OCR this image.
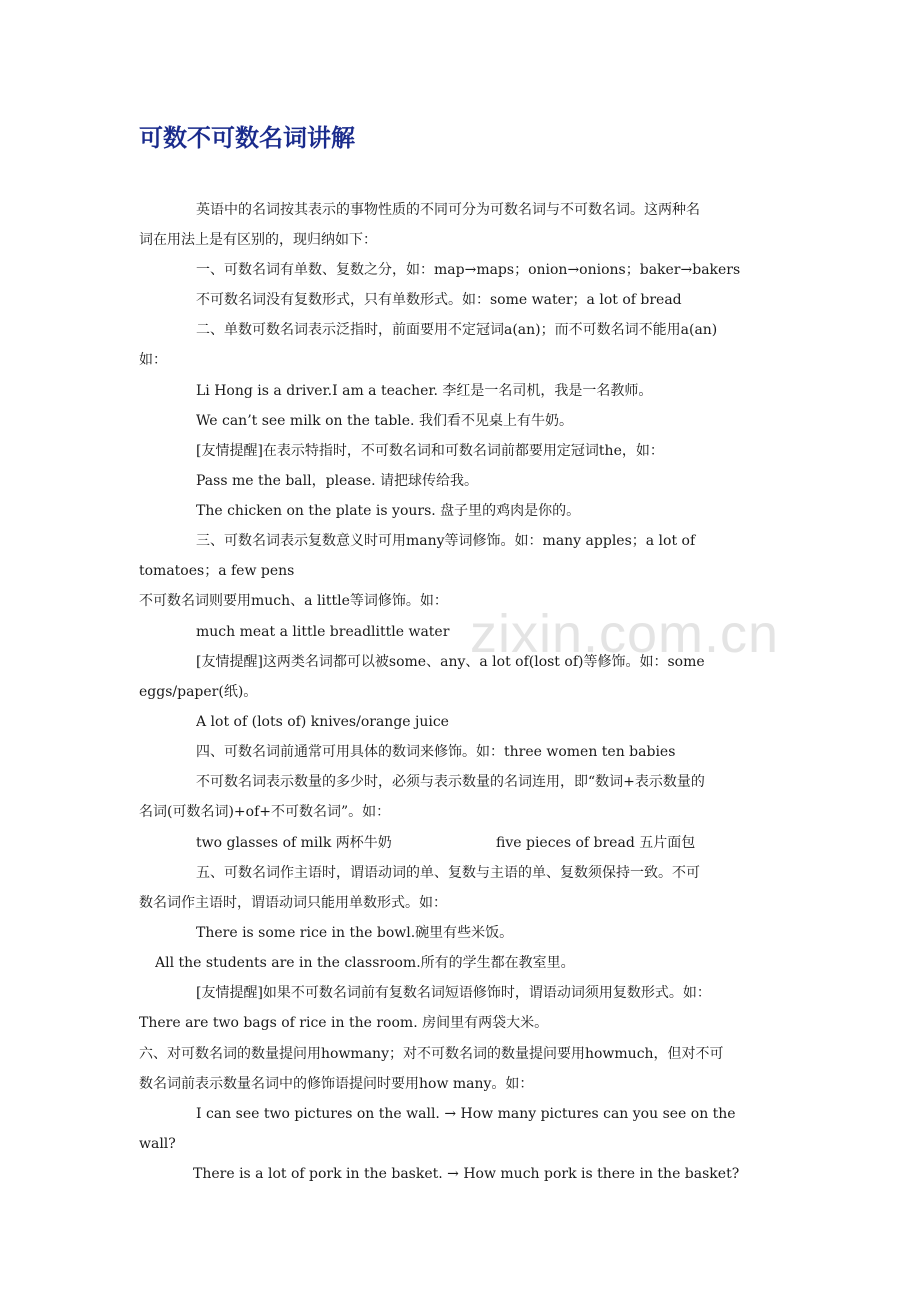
可数不可数名词讲解
zixin.com.cn
英语中的名词按其表示的事物性质的不同可分为可数名词与不可数名词。这两种名
词在用法上是有区别的，现归纳如下：
一、可数名词有单数、复数之分，如：map→maps；onion→onions；baker→bakers
不可数名词没有复数形式，只有单数形式。如：some water；a lot of bread
二、单数可数名词表示泛指时，前面要用不定冠词a(an)；而不可数名词不能用a(an)
如：
Li Hong is a driver.I am a teacher. 李红是一名司机，我是一名教师。
We can’t see milk on the table. 我们看不见桌上有牛奶。
[友情提醒]在表示特指时，不可数名词和可数名词前都要用定冠词the，如：
Pass me the ball，please. 请把球传给我。
The chicken on the plate is yours. 盘子里的鸡肉是你的。
三、可数名词表示复数意义时可用many等词修饰。如：many apples；a lot of
tomatoes；a few pens
不可数名词则要用much、a little等词修饰。如：
much meat a little breadlittle water
[友情提醒]这两类名词都可以被some、any、a lot of(lost of)等修饰。如：some
eggs/paper(纸)。
A lot of (lots of) knives/orange juice
四、可数名词前通常可用具体的数词来修饰。如：three women ten babies
不可数名词表示数量的多少时，必须与表示数量的名词连用，即“数词+表示数量的
名词(可数名词)+of+不可数名词”。如：
two glasses of milk 两杯牛奶	five pieces of bread 五片面包
五、可数名词作主语时，谓语动词的单、复数与主语的单、复数须保持一致。不可
数名词作主语时，谓语动词只能用单数形式。如：
There is some rice in the bowl.碗里有些米饭。
All the students are in the classroom.所有的学生都在教室里。
[友情提醒]如果不可数名词前有复数名词短语修饰时，谓语动词须用复数形式。如：
There are two bags of rice in the room. 房间里有两袋大米。
六、对可数名词的数量提问用howmany；对不可数名词的数量提问要用howmuch，但对不可
数名词前表示数量名词中的修饰语提问时要用how many。如：
I can see two pictures on the wall. → How many pictures can you see on the
wall?
There is a lot of pork in the basket. → How much pork is there in the basket?
